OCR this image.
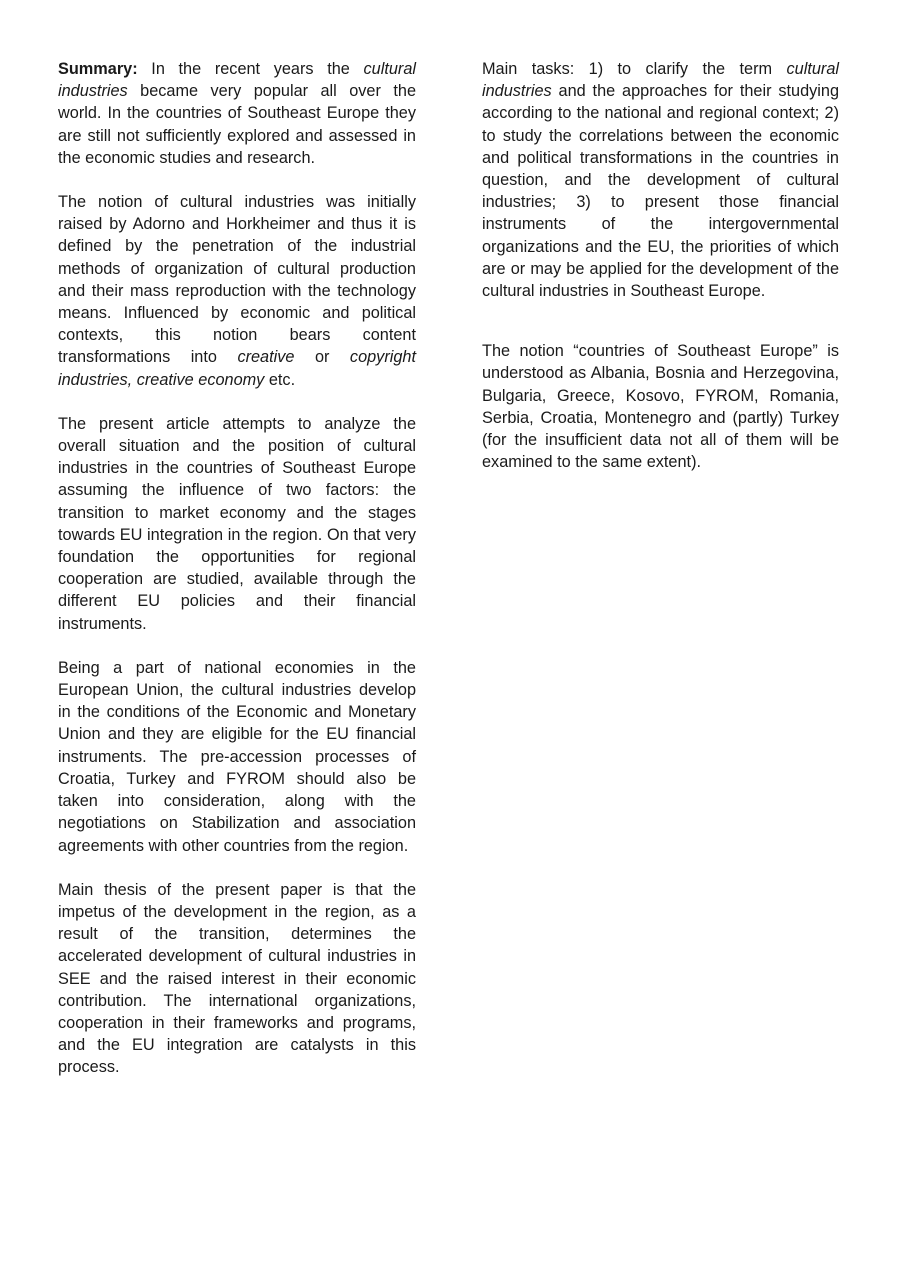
Summary: In the recent years the cultural industries became very popular all over the world. In the countries of Southeast Europe they are still not sufficiently explored and assessed in the economic studies and research.

The notion of cultural industries was initially raised by Adorno and Horkheimer and thus it is defined by the penetration of the industrial methods of organization of cultural production and their mass reproduction with the technology means. Influenced by economic and political contexts, this notion bears content transformations into creative or copyright industries, creative economy etc.

The present article attempts to analyze the overall situation and the position of cultural industries in the countries of Southeast Europe assuming the influence of two factors: the transition to market economy and the stages towards EU integration in the region. On that very foundation the opportunities for regional cooperation are studied, available through the different EU policies and their financial instruments.

Being a part of national economies in the European Union, the cultural industries develop in the conditions of the Economic and Monetary Union and they are eligible for the EU financial instruments. The pre-accession processes of Croatia, Turkey and FYROM should also be taken into consideration, along with the negotiations on Stabilization and association agreements with other countries from the region.

Main thesis of the present paper is that the impetus of the development in the region, as a result of the transition, determines the accelerated development of cultural industries in SEE and the raised interest in their economic contribution. The international organizations, cooperation in their frameworks and programs, and the EU integration are catalysts in this process.

Main tasks: 1) to clarify the term cultural industries and the approaches for their studying according to the national and regional context; 2) to study the correlations between the economic and political transformations in the countries in question, and the development of cultural industries; 3) to present those financial instruments of the intergovernmental organizations and the EU, the priorities of which are or may be applied for the development of the cultural industries in Southeast Europe.

The notion “countries of Southeast Europe” is understood as Albania, Bosnia and Herzegovina, Bulgaria, Greece, Kosovo, FYROM, Romania, Serbia, Croatia, Montenegro and (partly) Turkey (for the insufficient data not all of them will be examined to the same extent).
